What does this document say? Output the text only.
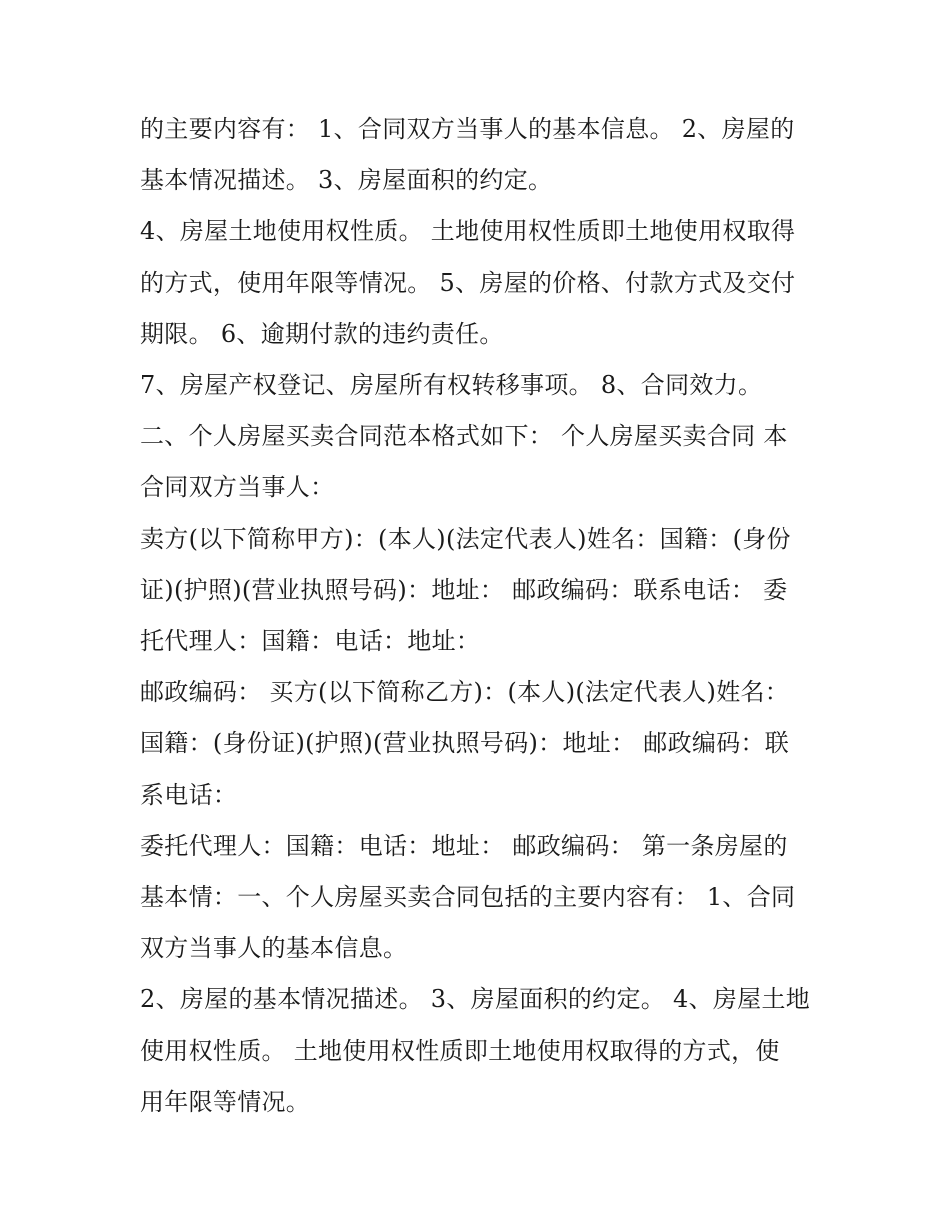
的主要内容有： 1、合同双方当事人的基本信息。 2、房屋的
基本情况描述。 3、房屋面积的约定。

4、房屋土地使用权性质。 土地使用权性质即土地使用权取得
的方式，使用年限等情况。 5、房屋的价格、付款方式及交付
期限。 6、逾期付款的违约责任。

7、房屋产权登记、房屋所有权转移事项。 8、合同效力。

二、个人房屋买卖合同范本格式如下： 个人房屋买卖合同 本
合同双方当事人：

卖方(以下简称甲方)：(本人)(法定代表人)姓名：国籍：(身份
证)(护照)(营业执照号码)：地址： 邮政编码：联系电话： 委
托代理人：国籍：电话：地址：

邮政编码： 买方(以下简称乙方)：(本人)(法定代表人)姓名：
国籍：(身份证)(护照)(营业执照号码)：地址： 邮政编码：联
系电话：

委托代理人：国籍：电话：地址： 邮政编码： 第一条房屋的
基本情：一、个人房屋买卖合同包括的主要内容有： 1、合同
双方当事人的基本信息。

2、房屋的基本情况描述。 3、房屋面积的约定。 4、房屋土地
使用权性质。 土地使用权性质即土地使用权取得的方式，使
用年限等情况。
